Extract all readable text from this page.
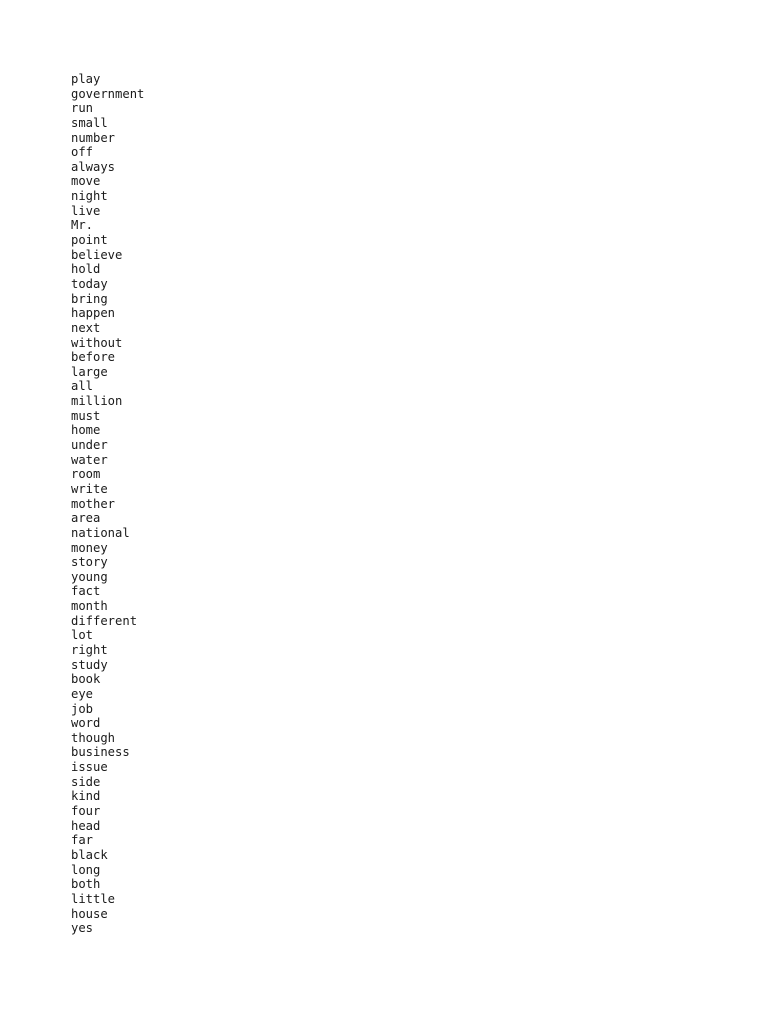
play
government
run
small
number
off
always
move
night
live
Mr.
point
believe
hold
today
bring
happen
next
without
before
large
all
million
must
home
under
water
room
write
mother
area
national
money
story
young
fact
month
different
lot
right
study
book
eye
job
word
though
business
issue
side
kind
four
head
far
black
long
both
little
house
yes
